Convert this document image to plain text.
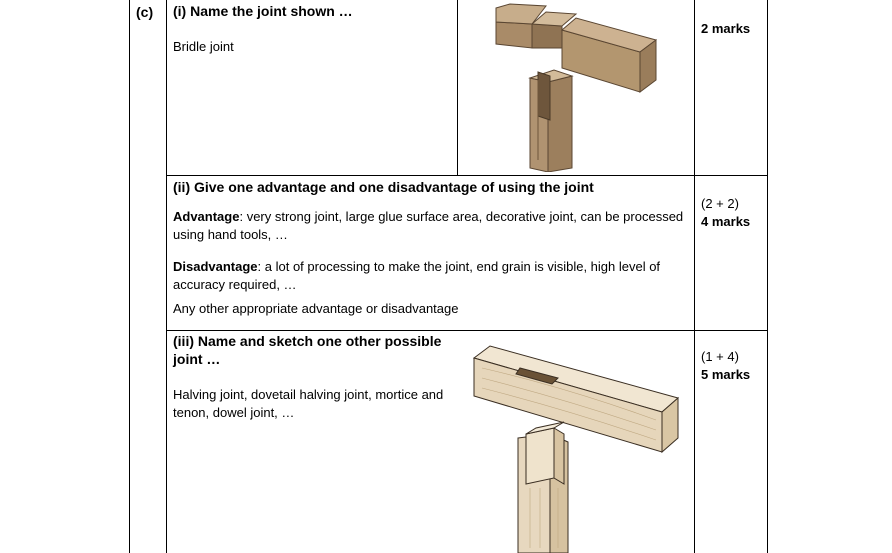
(c) (i) Name the joint shown …
Bridle joint
2 marks
(ii) Give one advantage and one disadvantage of using the joint
Advantage: very strong joint, large glue surface area, decorative joint, can be processed using hand tools, …
Disadvantage: a lot of processing to make the joint, end grain is visible, high level of accuracy required, …
Any other appropriate advantage or disadvantage
(2 + 2)
4 marks
(iii) Name and sketch one other possible joint …
Halving joint, dovetail halving joint, mortice and tenon, dowel joint, …
(1 + 4)
5 marks
